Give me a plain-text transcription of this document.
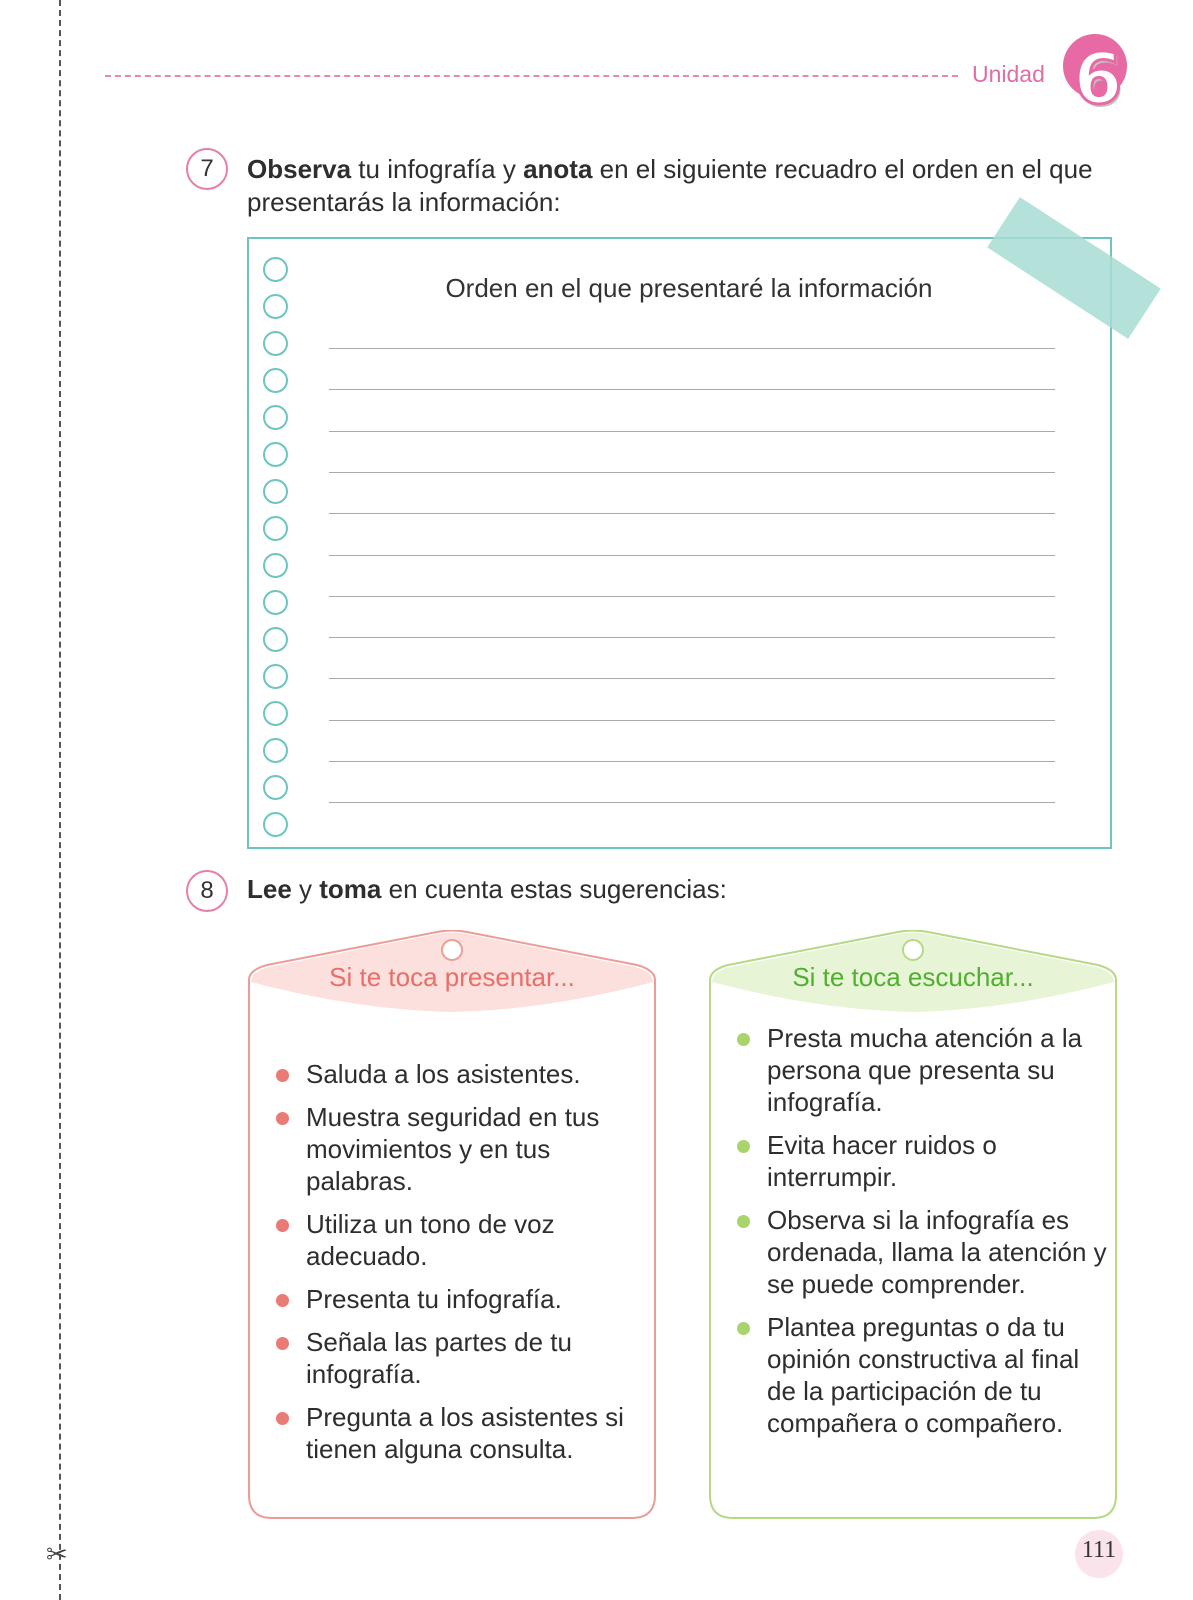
✂
Unidad 6
7	Observa tu infografía y anota en el siguiente recuadro el orden en el que presentarás la información:
Orden en el que presentaré la información
8	Lee y toma en cuenta estas sugerencias:
Si te toca presentar...
Saluda a los asistentes.
Muestra seguridad en tus movimientos y en tus palabras.
Utiliza un tono de voz adecuado.
Presenta tu infografía.
Señala las partes de tu infografía.
Pregunta a los asistentes si tienen alguna consulta.
Si te toca escuchar...
Presta mucha atención a la persona que presenta su infografía.
Evita hacer ruidos o interrumpir.
Observa si la infografía es ordenada, llama la atención y se puede comprender.
Plantea preguntas o da tu opinión constructiva al final de la participación de tu compañera o compañero.
111
